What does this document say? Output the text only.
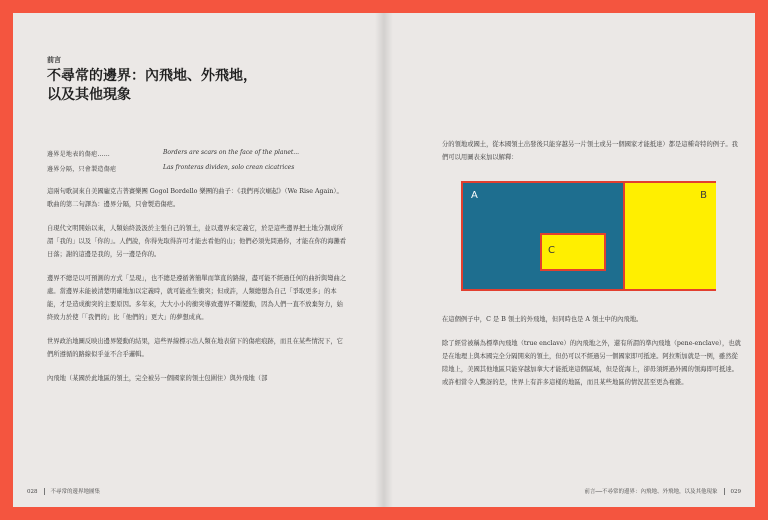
前言
不尋常的邊界：內飛地、外飛地，
以及其他現象
邊界是地表的傷疤……	Borders are scars on the face of the planet...
邊界分隔，只會製造傷疤	Las fronteras dividen, solo crean cicatrices

這兩句歌詞來自美國龐克吉普賽樂團 Gogol Bordello 樂團的曲子：《我們再次崛起》（We Rise Again）。歌曲的第二句譯為：邊界分隔，只會製造傷疤。

自現代文明開始以來，人類始終汲汲於主張自己的領土，並以邊界來定義它，於是這些邊界把土地分割成所謂「我的」以及「你的」。人們說，你得先取得許可才能去看他的山；他們必須先問過你，才能在你的海灘看日落；謝的這邊是我的，另一邊是你的。

邊界不總是以可預測的方式「呈現」，也不總是遵循著簡單而筆直的路線，盡可能不經過任何的曲折與彎曲之處。當邊界未能被清楚明確地加以定義時，就可能產生衝突；但或許，人類總想為自己「爭取更多」的本能，才是造成衝突的主要原因。多年來，大大小小的衝突導致邊界不斷變動，因為人們一直不放棄努力，始終致力於使「「我們的」比「他們的」更大」的夢想成真。

世界政治地圖反映出邊界變動的結果，這些界線標示出人類在地表留下的傷疤痕跡，而且在某些情況下，它們所遵循的路線似乎並不合乎邏輯。

內飛地（某國於此地區的領土，完全被另一個國家的領土包圍住）與外飛地（部

028 不尋常的邊界地圖集

分的領地或國土，從本國領土出發後只能穿越另一片領土或另一個國家才能抵達）都是這種奇特的例子。我們可以用圖表來加以解釋：

A	B
C

在這個例子中，C 是 B 領土的外飛地，但同時也是 A 領土中的內飛地。

除了經常被稱為標準內飛地（true enclave）的內飛地之外，還有所謂的準內飛地（pene-enclave），也就是在地理上與本國完全分隔開來的領土，但仍可以不經過另一個國家即可抵達。阿拉斯加就是一例，雖然從陸地上，美國其他地區只能穿越加拿大才能抵達這個區域，但是從海上，卻毋須經過外國的領海即可抵達。或許相當令人驚訝的是，世界上有許多這樣的地區，而且某些地區的情況甚至更為複雜。

前言──不尋常的邊界：內飛地、外飛地，以及其他現象 029
